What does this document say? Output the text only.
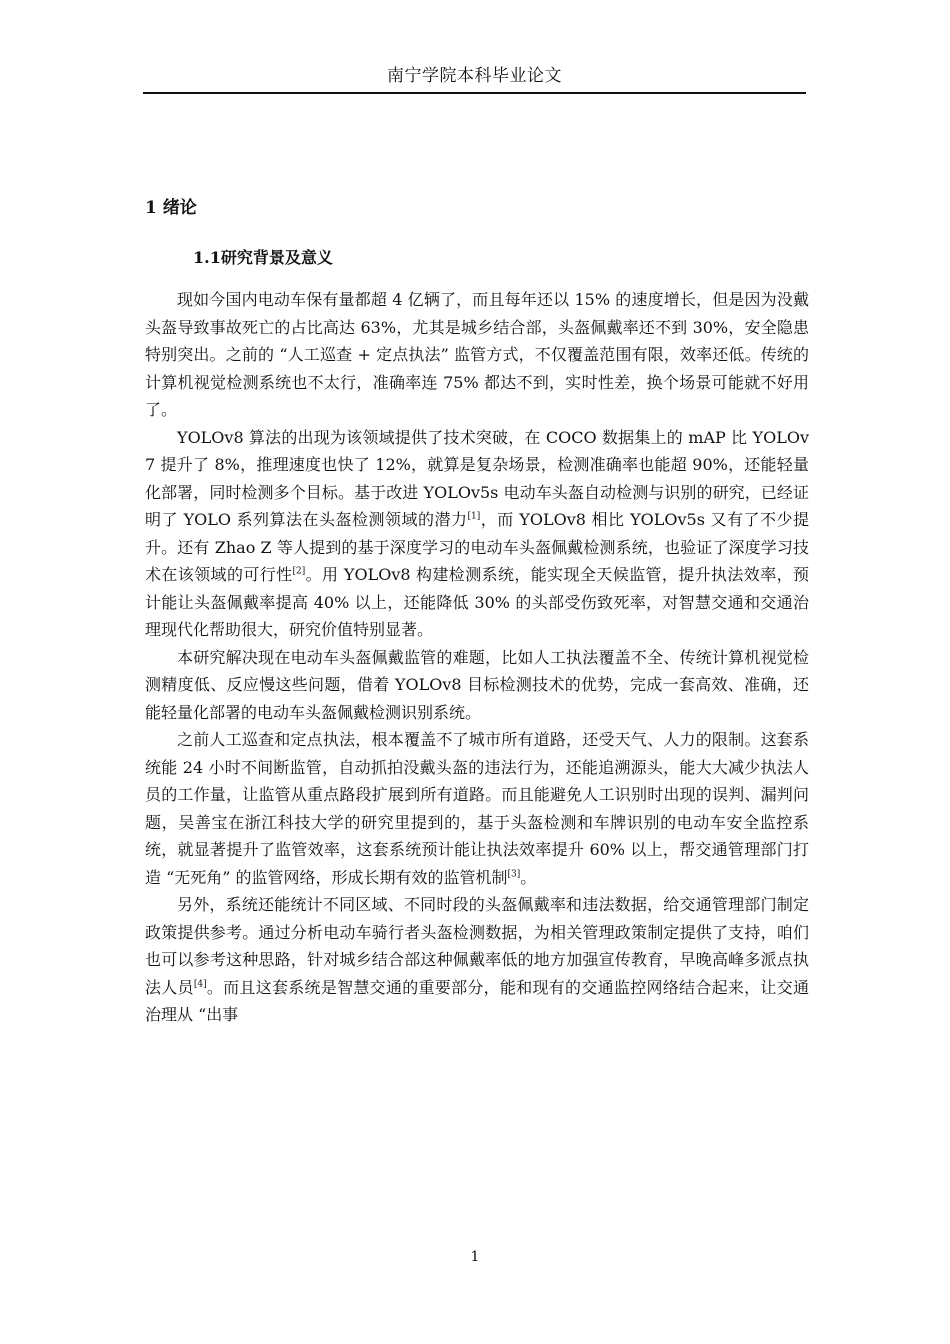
南宁学院本科毕业论文
1 绪论
1.1研究背景及意义

现如今国内电动车保有量都超 4 亿辆了，而且每年还以 15% 的速度增长，但是因为没戴头盔导致事故死亡的占比高达 63%，尤其是城乡结合部，头盔佩戴率还不到 30%，安全隐患特别突出。之前的 “人工巡查 + 定点执法” 监管方式，不仅覆盖范围有限，效率还低。传统的计算机视觉检测系统也不太行，准确率连 75% 都达不到，实时性差，换个场景可能就不好用了。

YOLOv8 算法的出现为该领域提供了技术突破，在 COCO 数据集上的 mAP 比 YOLOv7 提升了 8%，推理速度也快了 12%，就算是复杂场景，检测准确率也能超 90%，还能轻量化部署，同时检测多个目标。基于改进 YOLOv5s 电动车头盔自动检测与识别的研究，已经证明了 YOLO 系列算法在头盔检测领域的潜力[1]，而 YOLOv8 相比 YOLOv5s 又有了不少提升。还有 Zhao Z 等人提到的基于深度学习的电动车头盔佩戴检测系统，也验证了深度学习技术在该领域的可行性[2]。用 YOLOv8 构建检测系统，能实现全天候监管，提升执法效率，预计能让头盔佩戴率提高 40% 以上，还能降低 30% 的头部受伤致死率，对智慧交通和交通治理现代化帮助很大，研究价值特别显著。

本研究解决现在电动车头盔佩戴监管的难题，比如人工执法覆盖不全、传统计算机视觉检测精度低、反应慢这些问题，借着 YOLOv8 目标检测技术的优势，完成一套高效、准确，还能轻量化部署的电动车头盔佩戴检测识别系统。

之前人工巡查和定点执法，根本覆盖不了城市所有道路，还受天气、人力的限制。这套系统能 24 小时不间断监管，自动抓拍没戴头盔的违法行为，还能追溯源头，能大大减少执法人员的工作量，让监管从重点路段扩展到所有道路。而且能避免人工识别时出现的误判、漏判问题，吴善宝在浙江科技大学的研究里提到的，基于头盔检测和车牌识别的电动车安全监控系统，就显著提升了监管效率，这套系统预计能让执法效率提升 60% 以上，帮交通管理部门打造 “无死角” 的监管网络，形成长期有效的监管机制[3]。

另外，系统还能统计不同区域、不同时段的头盔佩戴率和违法数据，给交通管理部门制定政策提供参考。通过分析电动车骑行者头盔检测数据，为相关管理政策制定提供了支持，咱们也可以参考这种思路，针对城乡结合部这种佩戴率低的地方加强宣传教育，早晚高峰多派点执法人员[4]。而且这套系统是智慧交通的重要部分，能和现有的交通监控网络结合起来，让交通治理从 “出事

1
